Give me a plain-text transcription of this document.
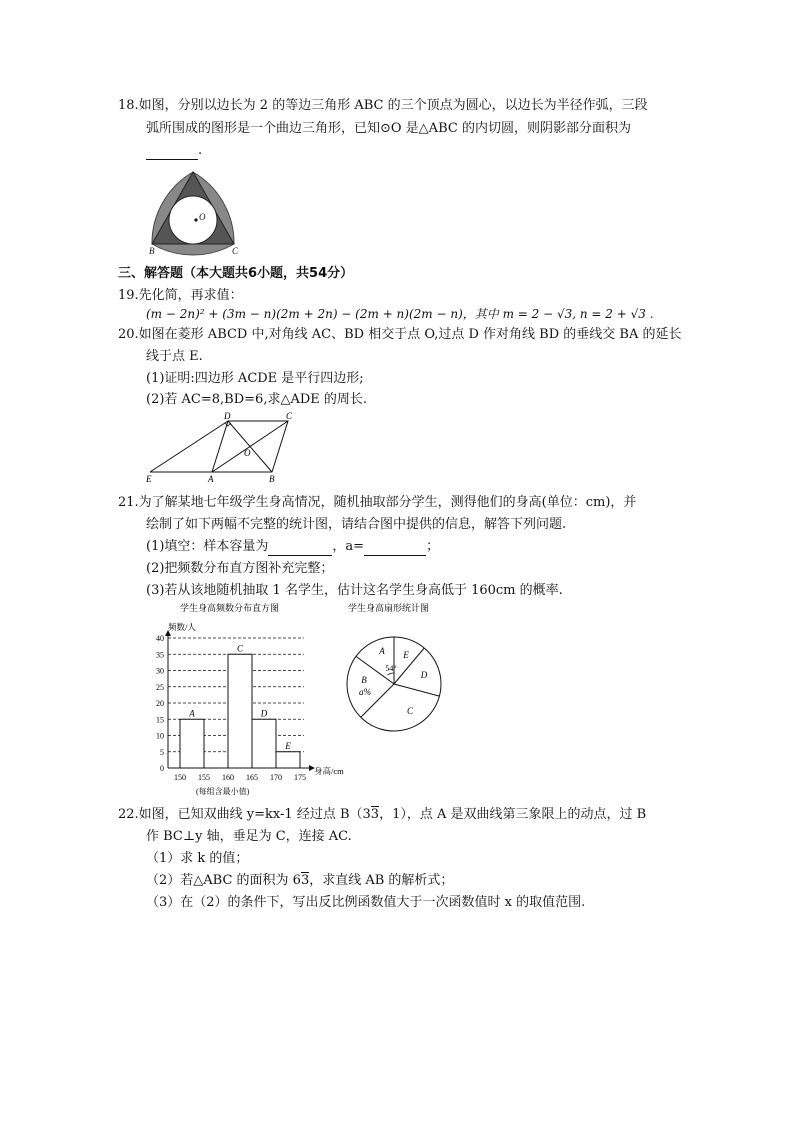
18.如图，分别以边长为 2 的等边三角形 ABC 的三个顶点为圆心，以边长为半径作弧，三段
弧所围成的图形是一个曲边三角形，已知⊙O 是△ABC 的内切圆，则阴影部分面积为
.
A
O
B	C
三、解答题（本大题共6小题，共54分）
19.先化简，再求值：
(m − 2n)² + (3m − n)(2m + 2n) − (2m + n)(2m − n)，其中 m = 2 − √3, n = 2 + √3 .
20.如图在菱形 ABCD 中,对角线 AC、BD 相交于点 O,过点 D 作对角线 BD 的垂线交 BA 的延长
线于点 E.
(1)证明:四边形 ACDE 是平行四边形;
(2)若 AC=8,BD=6,求△ADE 的周长.
D	C
O
E	A	B
21.为了解某地七年级学生身高情况，随机抽取部分学生，测得他们的身高(单位：cm)，并
绘制了如下两幅不完整的统计图，请结合图中提供的信息，解答下列问题.
(1)填空：样本容量为	，a=	；
(2)把频数分布直方图补充完整；
(3)若从该地随机抽取 1 名学生，估计这名学生身高低于 160cm 的概率.
学生身高频数分布直方图
0
5
10
15
20
25
30
35
40
150 155 160 165 170 175
A
C
D
E
频数/人
身高/cm
(每组含最小值)
学生身高扇形统计图
A E
D
C
B
54°
a%
22.如图，已知双曲线 y=kx-1 经过点 B（33，1），点 A 是双曲线第三象限上的动点，过 B
作 BC⊥y 轴，垂足为 C，连接 AC.
（1）求 k 的值；
（2）若△ABC 的面积为 63，求直线 AB 的解析式；
（3）在（2）的条件下，写出反比例函数值大于一次函数值时 x 的取值范围.
